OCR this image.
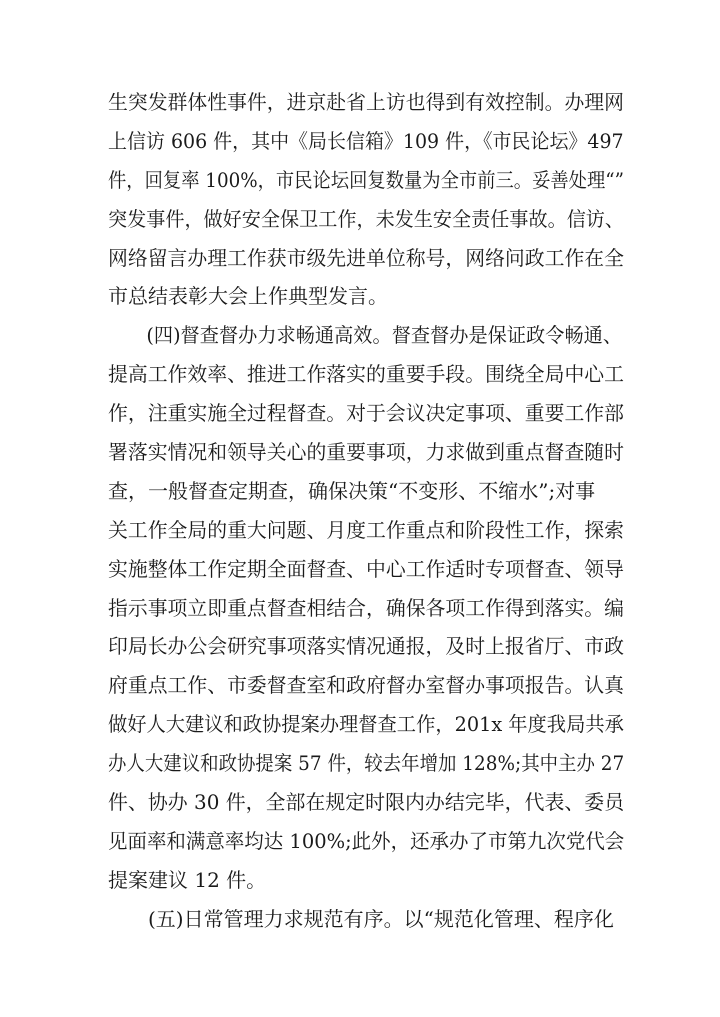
生突发群体性事件，进京赴省上访也得到有效控制。办理网
上信访 606 件，其中《局长信箱》109 件，《市民论坛》497
件，回复率 100%，市民论坛回复数量为全市前三。妥善处理“”
突发事件，做好安全保卫工作，未发生安全责任事故。信访、
网络留言办理工作获市级先进单位称号，网络问政工作在全
市总结表彰大会上作典型发言。
(四)督查督办力求畅通高效。督查督办是保证政令畅通、
提高工作效率、推进工作落实的重要手段。围绕全局中心工
作，注重实施全过程督查。对于会议决定事项、重要工作部
署落实情况和领导关心的重要事项，力求做到重点督查随时
查，一般督查定期查，确保决策“不变形、不缩水”;对事
关工作全局的重大问题、月度工作重点和阶段性工作，探索
实施整体工作定期全面督查、中心工作适时专项督查、领导
指示事项立即重点督查相结合，确保各项工作得到落实。编
印局长办公会研究事项落实情况通报，及时上报省厅、市政
府重点工作、市委督查室和政府督办室督办事项报告。认真
做好人大建议和政协提案办理督查工作，201x 年度我局共承
办人大建议和政协提案 57 件，较去年增加 128%;其中主办 27
件、协办 30 件，全部在规定时限内办结完毕，代表、委员
见面率和满意率均达 100%;此外，还承办了市第九次党代会
提案建议 12 件。
(五)日常管理力求规范有序。以“规范化管理、程序化
